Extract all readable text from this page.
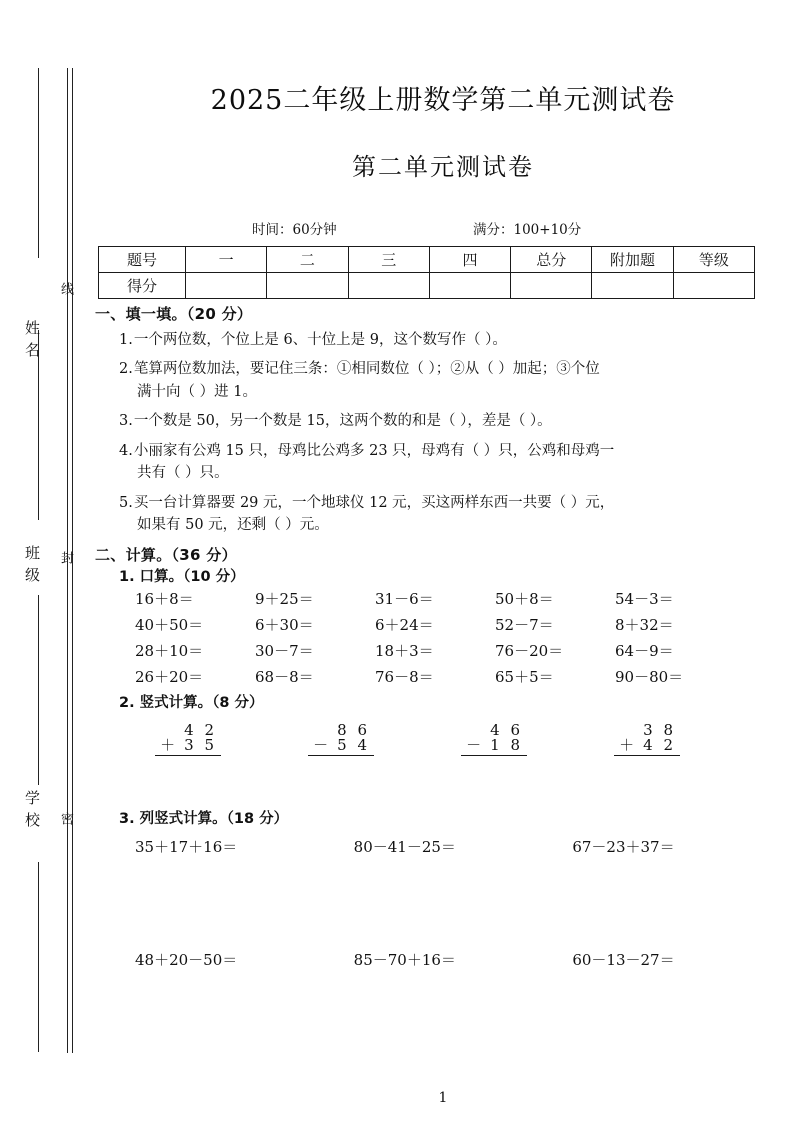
姓名
班级
学校
线
封
密
2025二年级上册数学第二单元测试卷
第二单元测试卷
时间：60分钟	满分：100+10分
题号	一	二	三	四	总分	附加题	等级
得分							
一、填一填。（20 分）
1.一个两位数，个位上是 6、十位上是 9，这个数写作（ ）。
2.笔算两位数加法，要记住三条：①相同数位（ ）；②从（ ）加起；③个位
满十向（ ）进 1。
3.一个数是 50，另一个数是 15，这两个数的和是（ ），差是（ ）。
4.小丽家有公鸡 15 只，母鸡比公鸡多 23 只，母鸡有（ ）只，公鸡和母鸡一
共有（ ）只。
5.买一台计算器要 29 元，一个地球仪 12 元，买这两样东西一共要（ ）元，
如果有 50 元，还剩（ ）元。
二、计算。（36 分）
1. 口算。（10 分）
16＋8＝	9＋25＝	31－6＝	50＋8＝	54－3＝
40＋50＝	6＋30＝	6＋24＝	52－7＝	8＋32＝
28＋10＝	30－7＝	18＋3＝	76－20＝	64－9＝
26＋20＝	68－8＝	76－8＝	65＋5＝	90－80＝
2. 竖式计算。（8 分）
4 2
＋ 3 5
8 6
－ 5 4
4 6
－ 1 8
3 8
＋ 4 2
3. 列竖式计算。（18 分）
35＋17＋16＝	80－41－25＝	67－23＋37＝
48＋20－50＝	85－70＋16＝	60－13－27＝
1
